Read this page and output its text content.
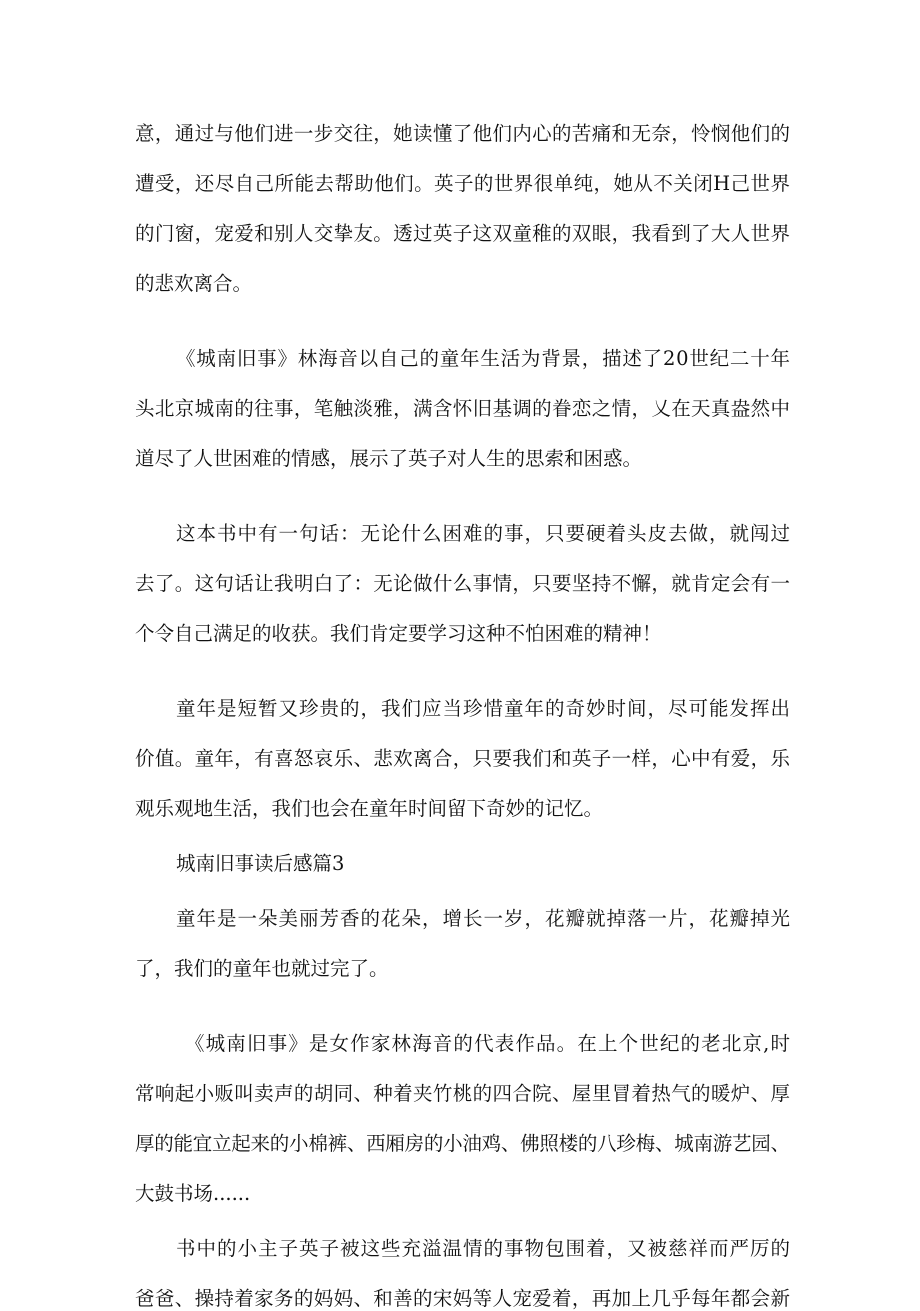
意，通过与他们进一步交往，她读懂了他们内心的苦痛和无奈，怜悯他们的
遭受，还尽自己所能去帮助他们。英子的世界很单纯，她从不关闭H己世界
的门窗，宠爱和别人交挚友。透过英子这双童稚的双眼，我看到了大人世界
的悲欢离合。
《城南旧事》林海音以自己的童年生活为背景，描述了20世纪二十年
头北京城南的往事，笔触淡雅，满含怀旧基调的眷恋之情，乂在天真盎然中
道尽了人世困难的情感，展示了英子对人生的思索和困惑。
这本书中有一句话：无论什么困难的事，只要硬着头皮去做，就闯过
去了。这句话让我明白了：无论做什么事情，只要坚持不懈，就肯定会有一
个令自己满足的收获。我们肯定要学习这种不怕困难的精神！
童年是短暂又珍贵的，我们应当珍惜童年的奇妙时间，尽可能发挥出
价值。童年，有喜怒哀乐、悲欢离合，只要我们和英子一样，心中有爱，乐
观乐观地生活，我们也会在童年时间留下奇妙的记忆。
城南旧事读后感篇3
童年是一朵美丽芳香的花朵，增长一岁，花瓣就掉落一片，花瓣掉光
了，我们的童年也就过完了。
《城南旧事》是女作家林海音的代表作品。在上个世纪的老北京,时
常响起小贩叫卖声的胡同、种着夹竹桃的四合院、屋里冒着热气的暖炉、厚
厚的能宜立起来的小棉裤、西厢房的小油鸡、佛照楼的八珍梅、城南游艺园、
大鼓书场......
书中的小主子英子被这些充溢温情的事物包围着，又被慈祥而严厉的
爸爸、操持着家务的妈妈、和善的宋妈等人宠爱着，再加上几乎每年都会新
